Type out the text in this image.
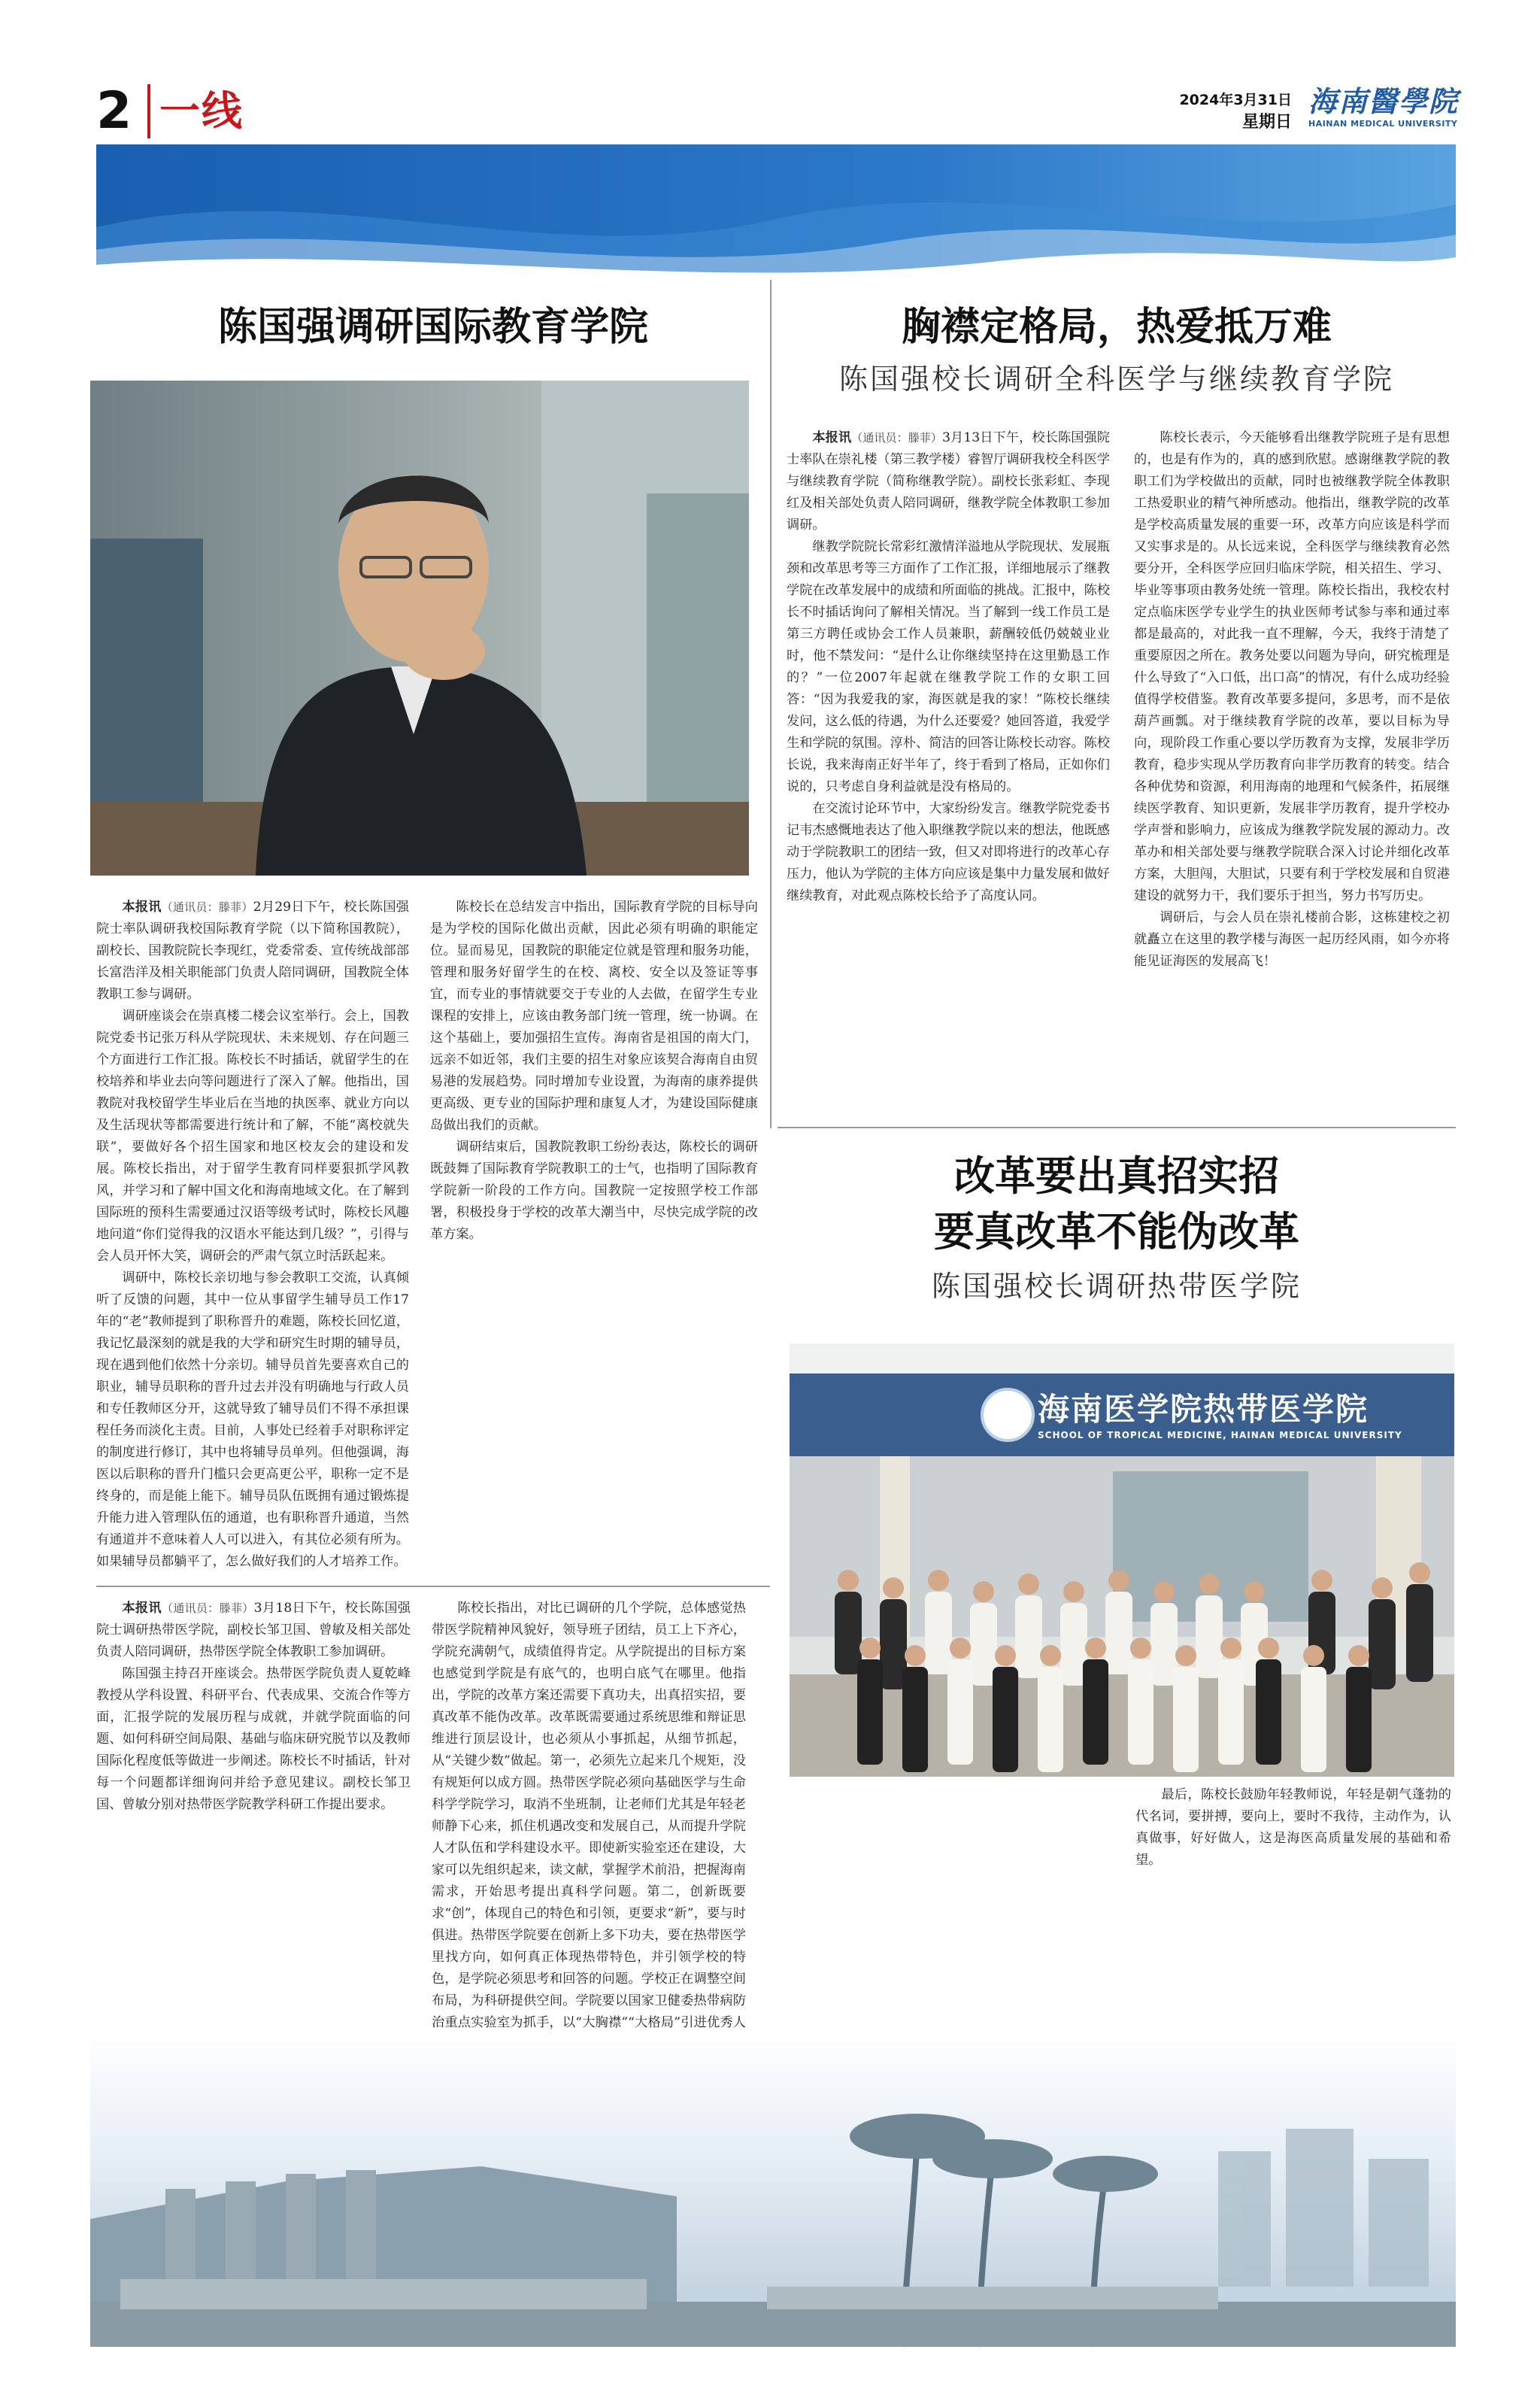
2 一线	2024年3月31日
星期日
海南醫學院
HAINAN MEDICAL UNIVERSITY
陈国强调研国际教育学院

本报讯（通讯员：滕菲）2月29日下午，校长陈国强院士率队调研我校国际教育学院（以下简称国教院），副校长、国教院院长李现红，党委常委、宣传统战部部长富浩洋及相关职能部门负责人陪同调研，国教院全体教职工参与调研。

调研座谈会在崇真楼二楼会议室举行。会上，国教院党委书记张万科从学院现状、未来规划、存在问题三个方面进行工作汇报。陈校长不时插话，就留学生的在校培养和毕业去向等问题进行了深入了解。他指出，国教院对我校留学生毕业后在当地的执医率、就业方向以及生活现状等都需要进行统计和了解，不能“离校就失联”，要做好各个招生国家和地区校友会的建设和发展。陈校长指出，对于留学生教育同样要狠抓学风教风，并学习和了解中国文化和海南地域文化。在了解到国际班的预科生需要通过汉语等级考试时，陈校长风趣地问道“你们觉得我的汉语水平能达到几级？”，引得与会人员开怀大笑，调研会的严肃气氛立时活跃起来。

调研中，陈校长亲切地与参会教职工交流，认真倾听了反馈的问题，其中一位从事留学生辅导员工作17年的“老”教师提到了职称晋升的难题，陈校长回忆道，我记忆最深刻的就是我的大学和研究生时期的辅导员，现在遇到他们依然十分亲切。辅导员首先要喜欢自己的职业，辅导员职称的晋升过去并没有明确地与行政人员和专任教师区分开，这就导致了辅导员们不得不承担课程任务而淡化主责。目前，人事处已经着手对职称评定的制度进行修订，其中也将辅导员单列。但他强调，海医以后职称的晋升门槛只会更高更公平，职称一定不是终身的，而是能上能下。辅导员队伍既拥有通过锻炼提升能力进入管理队伍的通道，也有职称晋升通道，当然有通道并不意味着人人可以进入，有其位必须有所为。如果辅导员都躺平了，怎么做好我们的人才培养工作。

陈校长在总结发言中指出，国际教育学院的目标导向是为学校的国际化做出贡献，因此必须有明确的职能定位。显而易见，国教院的职能定位就是管理和服务功能，管理和服务好留学生的在校、离校、安全以及签证等事宜，而专业的事情就要交于专业的人去做，在留学生专业课程的安排上，应该由教务部门统一管理，统一协调。在这个基础上，要加强招生宣传。海南省是祖国的南大门，远亲不如近邻，我们主要的招生对象应该契合海南自由贸易港的发展趋势。同时增加专业设置，为海南的康养提供更高级、更专业的国际护理和康复人才，为建设国际健康岛做出我们的贡献。

调研结束后，国教院教职工纷纷表达，陈校长的调研既鼓舞了国际教育学院教职工的士气，也指明了国际教育学院新一阶段的工作方向。国教院一定按照学校工作部署，积极投身于学校的改革大潮当中，尽快完成学院的改革方案。

胸襟定格局，热爱抵万难
陈国强校长调研全科医学与继续教育学院

本报讯（通讯员：滕菲）3月13日下午，校长陈国强院士率队在崇礼楼（第三教学楼）睿智厅调研我校全科医学与继续教育学院（简称继教学院）。副校长张彩虹、李现红及相关部处负责人陪同调研，继教学院全体教职工参加调研。

继教学院院长常彩红激情洋溢地从学院现状、发展瓶颈和改革思考等三方面作了工作汇报，详细地展示了继教学院在改革发展中的成绩和所面临的挑战。汇报中，陈校长不时插话询问了解相关情况。当了解到一线工作员工是第三方聘任或协会工作人员兼职，薪酬较低仍兢兢业业时，他不禁发问：“是什么让你继续坚持在这里勤恳工作的？”一位2007年起就在继教学院工作的女职工回答：“因为我爱我的家，海医就是我的家！”陈校长继续发问，这么低的待遇，为什么还要爱？她回答道，我爱学生和学院的氛围。淳朴、简洁的回答让陈校长动容。陈校长说，我来海南正好半年了，终于看到了格局，正如你们说的，只考虑自身利益就是没有格局的。

在交流讨论环节中，大家纷纷发言。继教学院党委书记韦杰感慨地表达了他入职继教学院以来的想法，他既感动于学院教职工的团结一致，但又对即将进行的改革心存压力，他认为学院的主体方向应该是集中力量发展和做好继续教育，对此观点陈校长给予了高度认同。

陈校长表示，今天能够看出继教学院班子是有思想的，也是有作为的，真的感到欣慰。感谢继教学院的教职工们为学校做出的贡献，同时也被继教学院全体教职工热爱职业的精气神所感动。他指出，继教学院的改革是学校高质量发展的重要一环，改革方向应该是科学而又实事求是的。从长远来说，全科医学与继续教育必然要分开，全科医学应回归临床学院，相关招生、学习、毕业等事项由教务处统一管理。陈校长指出，我校农村定点临床医学专业学生的执业医师考试参与率和通过率都是最高的，对此我一直不理解，今天，我终于清楚了重要原因之所在。教务处要以问题为导向，研究梳理是什么导致了“入口低，出口高”的情况，有什么成功经验值得学校借鉴。教育改革要多提问，多思考，而不是依葫芦画瓢。对于继续教育学院的改革，要以目标为导向，现阶段工作重心要以学历教育为支撑，发展非学历教育，稳步实现从学历教育向非学历教育的转变。结合各种优势和资源，利用海南的地理和气候条件，拓展继续医学教育、知识更新，发展非学历教育，提升学校办学声誉和影响力，应该成为继教学院发展的源动力。改革办和相关部处要与继教学院联合深入讨论并细化改革方案，大胆闯，大胆试，只要有利于学校发展和自贸港建设的就努力干，我们要乐于担当，努力书写历史。

调研后，与会人员在崇礼楼前合影，这栋建校之初就矗立在这里的教学楼与海医一起历经风雨，如今亦将能见证海医的发展高飞！

改革要出真招实招
要真改革不能伪改革
陈国强校长调研热带医学院
海南医学院热带医学院
SCHOOL OF TROPICAL MEDICINE, HAINAN MEDICAL UNIVERSITY

本报讯（通讯员：滕菲）3月18日下午，校长陈国强院士调研热带医学院，副校长邹卫国、曾敏及相关部处负责人陪同调研，热带医学院全体教职工参加调研。

陈国强主持召开座谈会。热带医学院负责人夏乾峰教授从学科设置、科研平台、代表成果、交流合作等方面，汇报学院的发展历程与成就，并就学院面临的问题、如何科研空间局限、基础与临床研究脱节以及教师国际化程度低等做进一步阐述。陈校长不时插话，针对每一个问题都详细询问并给予意见建议。副校长邹卫国、曾敏分别对热带医学院教学科研工作提出要求。

陈校长指出，对比已调研的几个学院，总体感觉热带医学院精神风貌好，领导班子团结，员工上下齐心，学院充满朝气，成绩值得肯定。从学院提出的目标方案也感觉到学院是有底气的，也明白底气在哪里。他指出，学院的改革方案还需要下真功夫，出真招实招，要真改革不能伪改革。改革既需要通过系统思维和辩证思维进行顶层设计，也必须从小事抓起，从细节抓起，从“关键少数”做起。第一，必须先立起来几个规矩，没有规矩何以成方圆。热带医学院必须向基础医学与生命科学学院学习，取消不坐班制，让老师们尤其是年轻老师静下心来，抓住机遇改变和发展自己，从而提升学院人才队伍和学科建设水平。即使新实验室还在建设，大家可以先组织起来，读文献，掌握学术前沿，把握海南需求，开始思考提出真科学问题。第二，创新既要求“创”，体现自己的特色和引领，更要求“新”，要与时俱进。热带医学院要在创新上多下功夫，要在热带医学里找方向，如何真正体现热带特色，并引领学校的特色，是学院必须思考和回答的问题。学校正在调整空间布局，为科研提供空间。学院要以国家卫健委热带病防治重点实验室为抓手，以“大胸襟”“大格局”引进优秀人

最后，陈校长鼓励年轻教师说，年轻是朝气蓬勃的代名词，要拼搏，要向上，要时不我待，主动作为，认真做事，好好做人，这是海医高质量发展的基础和希望。
